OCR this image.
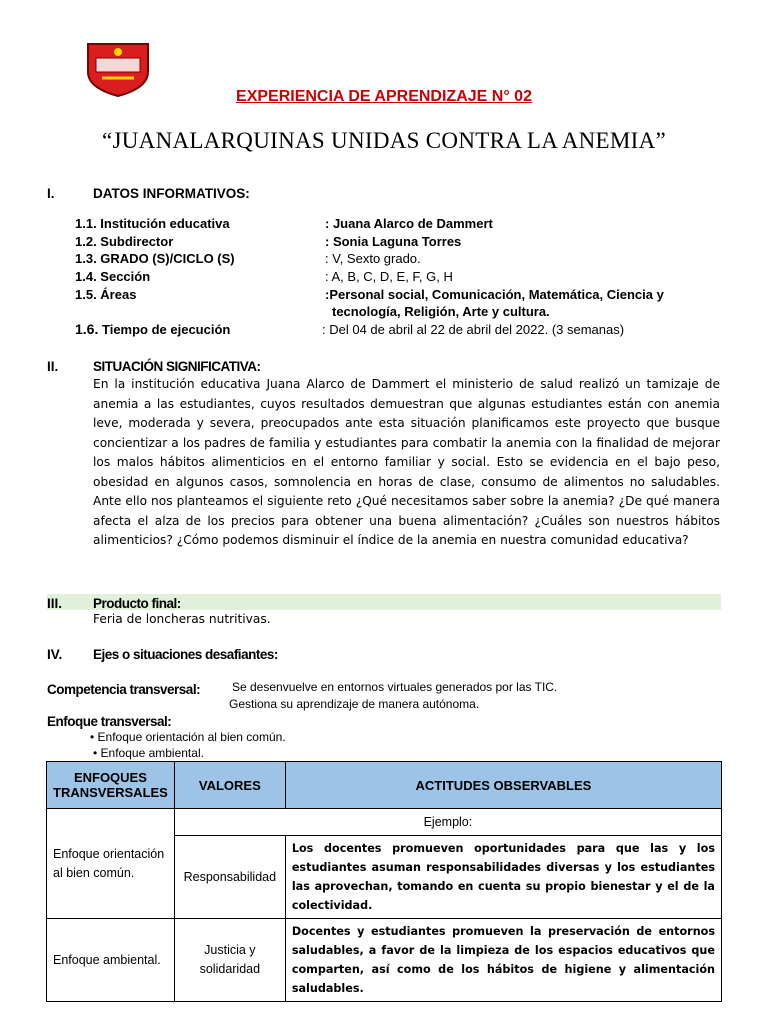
EXPERIENCIA DE APRENDIZAJE N° 02
“JUANALARQUINAS UNIDAS CONTRA LA ANEMIA”
I.	DATOS INFORMATIVOS:
1.1. Institución educativa	: Juana Alarco de Dammert
1.2. Subdirector	: Sonia Laguna Torres
1.3. GRADO (S)/CICLO (S)	: V, Sexto grado.
1.4. Sección	: A, B, C, D, E, F, G, H
1.5. Áreas	:Personal social, Comunicación, Matemática, Ciencia y
tecnología, Religión, Arte y cultura.
1.6. Tiempo de ejecución	: Del 04 de abril al 22 de abril del 2022. (3 semanas)
II.	SITUACIÓN SIGNIFICATIVA:
En la institución educativa Juana Alarco de Dammert el ministerio de salud realizó un tamizaje de anemia a las estudiantes, cuyos resultados demuestran que algunas estudiantes están con anemia leve, moderada y severa, preocupados ante esta situación planificamos este proyecto que busque concientizar a los padres de familia y estudiantes para combatir la anemia con la finalidad de mejorar los malos hábitos alimenticios en el entorno familiar y social. Esto se evidencia en el bajo peso, obesidad en algunos casos, somnolencia en horas de clase, consumo de alimentos no saludables. Ante ello nos planteamos el siguiente reto ¿Qué necesitamos saber sobre la anemia? ¿De qué manera afecta el alza de los precios para obtener una buena alimentación? ¿Cuáles son nuestros hábitos alimenticios? ¿Cómo podemos disminuir el índice de la anemia en nuestra comunidad educativa?
III. Producto final:
Feria de loncheras nutritivas.
IV. Ejes o situaciones desafiantes:
Competencia transversal:	Se desenvuelve en entornos virtuales generados por las TIC.
Gestiona su aprendizaje de manera autónoma.
Enfoque transversal:
• Enfoque orientación al bien común.
• Enfoque ambiental.
ENFOQUES TRANSVERSALES	VALORES	ACTITUDES OBSERVABLES
Enfoque orientación al bien común.	Ejemplo:	
	Responsabilidad	Los docentes promueven oportunidades para que las y los estudiantes asuman responsabilidades diversas y los estudiantes las aprovechan, tomando en cuenta su propio bienestar y el de la colectividad.
Enfoque ambiental.	Justicia y solidaridad	Docentes y estudiantes promueven la preservación de entornos saludables, a favor de la limpieza de los espacios educativos que comparten, así como de los hábitos de higiene y alimentación saludables.
